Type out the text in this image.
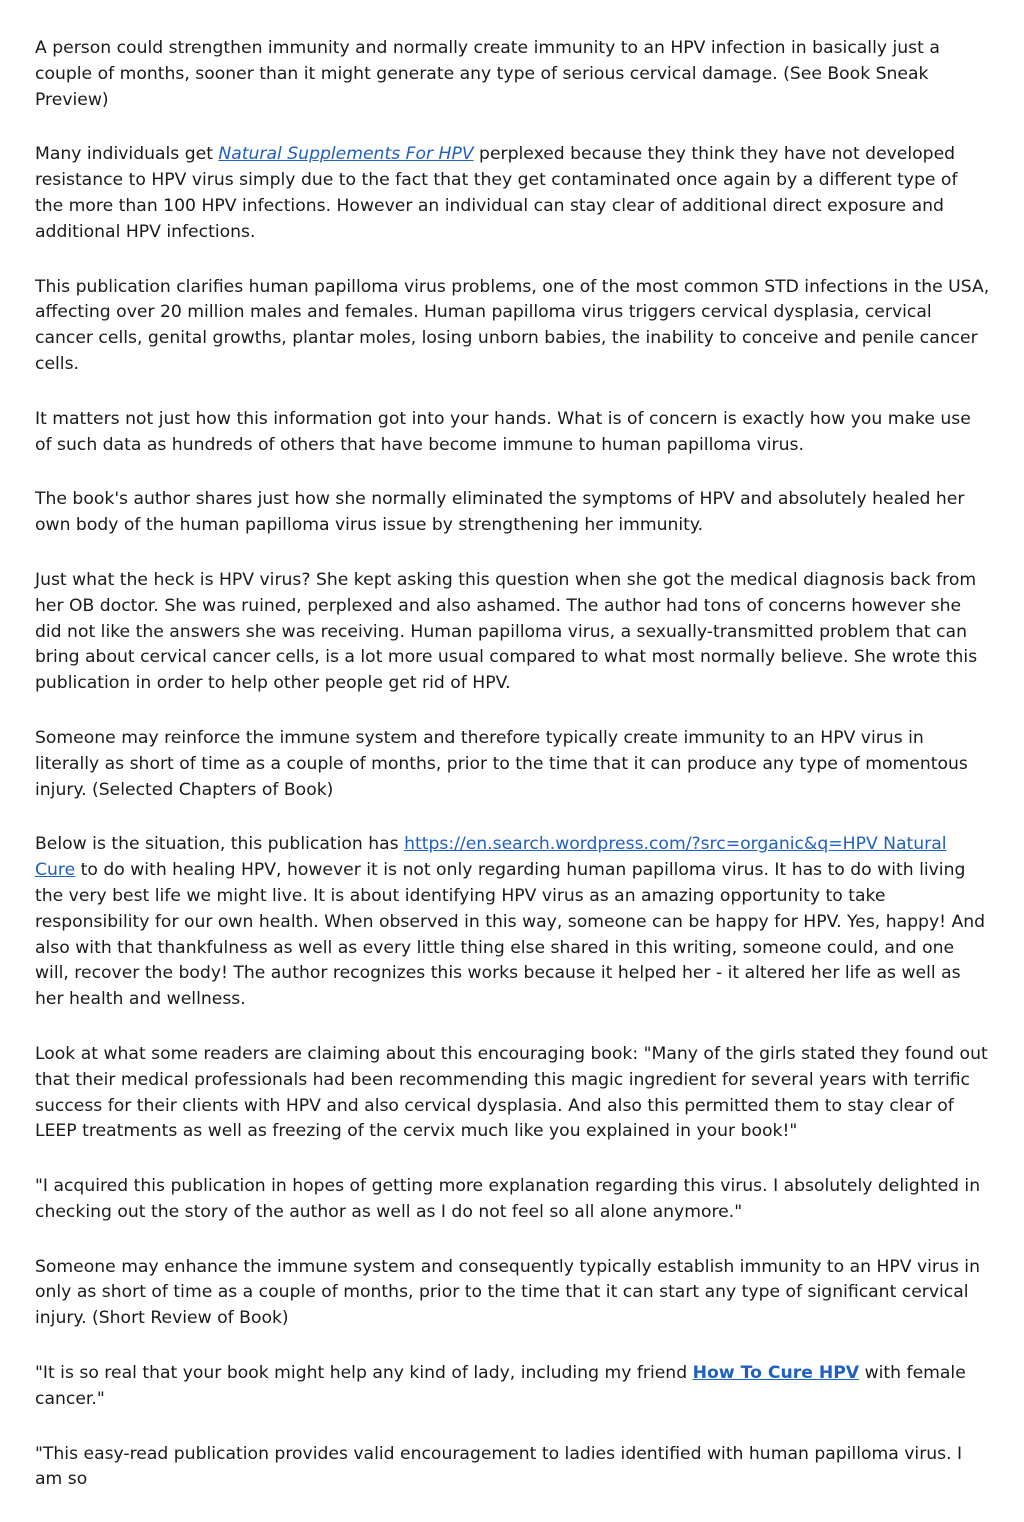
A person could strengthen immunity and normally create immunity to an HPV infection in basically just a couple of months, sooner than it might generate any type of serious cervical damage. (See Book Sneak Preview)

Many individuals get Natural Supplements For HPV perplexed because they think they have not developed resistance to HPV virus simply due to the fact that they get contaminated once again by a different type of the more than 100 HPV infections. However an individual can stay clear of additional direct exposure and additional HPV infections.

This publication clarifies human papilloma virus problems, one of the most common STD infections in the USA, affecting over 20 million males and females. Human papilloma virus triggers cervical dysplasia, cervical cancer cells, genital growths, plantar moles, losing unborn babies, the inability to conceive and penile cancer cells.

It matters not just how this information got into your hands. What is of concern is exactly how you make use of such data as hundreds of others that have become immune to human papilloma virus.

The book's author shares just how she normally eliminated the symptoms of HPV and absolutely healed her own body of the human papilloma virus issue by strengthening her immunity.

Just what the heck is HPV virus? She kept asking this question when she got the medical diagnosis back from her OB doctor. She was ruined, perplexed and also ashamed. The author had tons of concerns however she did not like the answers she was receiving. Human papilloma virus, a sexually-transmitted problem that can bring about cervical cancer cells, is a lot more usual compared to what most normally believe. She wrote this publication in order to help other people get rid of HPV.

Someone may reinforce the immune system and therefore typically create immunity to an HPV virus in literally as short of time as a couple of months, prior to the time that it can produce any type of momentous injury. (Selected Chapters of Book)

Below is the situation, this publication has https://en.search.wordpress.com/?src=organic&q=HPV Natural Cure to do with healing HPV, however it is not only regarding human papilloma virus. It has to do with living the very best life we might live. It is about identifying HPV virus as an amazing opportunity to take responsibility for our own health. When observed in this way, someone can be happy for HPV. Yes, happy! And also with that thankfulness as well as every little thing else shared in this writing, someone could, and one will, recover the body! The author recognizes this works because it helped her - it altered her life as well as her health and wellness.

Look at what some readers are claiming about this encouraging book: "Many of the girls stated they found out that their medical professionals had been recommending this magic ingredient for several years with terrific success for their clients with HPV and also cervical dysplasia. And also this permitted them to stay clear of LEEP treatments as well as freezing of the cervix much like you explained in your book!"

"I acquired this publication in hopes of getting more explanation regarding this virus. I absolutely delighted in checking out the story of the author as well as I do not feel so all alone anymore."

Someone may enhance the immune system and consequently typically establish immunity to an HPV virus in only as short of time as a couple of months, prior to the time that it can start any type of significant cervical injury. (Short Review of Book)

"It is so real that your book might help any kind of lady, including my friend How To Cure HPV with female cancer."

"This easy-read publication provides valid encouragement to ladies identified with human papilloma virus. I am so
